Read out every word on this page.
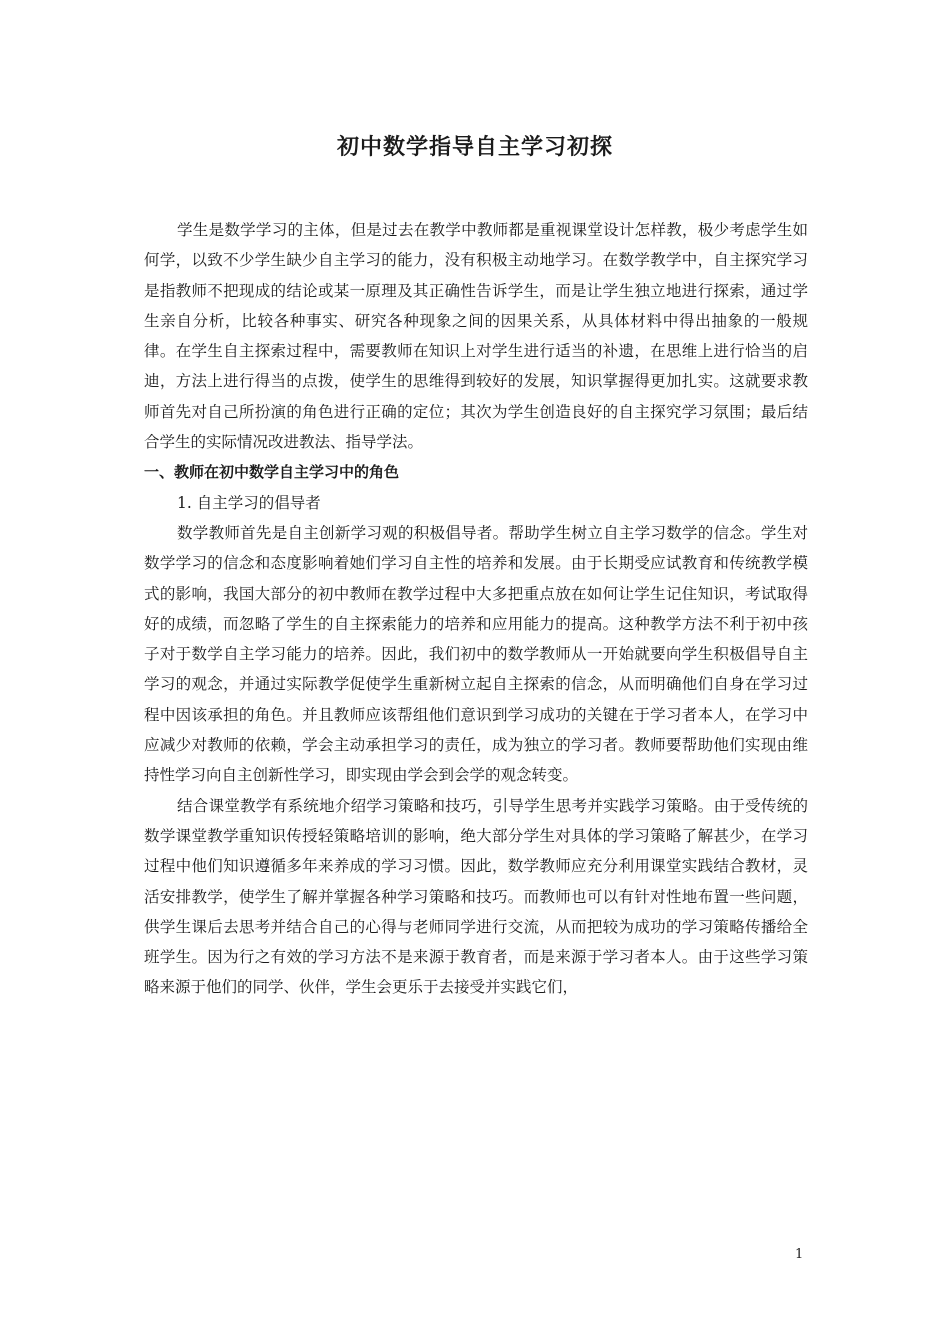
初中数学指导自主学习初探

学生是数学学习的主体，但是过去在教学中教师都是重视课堂设计怎样教，极少考虑学生如何学，以致不少学生缺少自主学习的能力，没有积极主动地学习。在数学教学中，自主探究学习是指教师不把现成的结论或某一原理及其正确性告诉学生，而是让学生独立地进行探索，通过学生亲自分析，比较各种事实、研究各种现象之间的因果关系，从具体材料中得出抽象的一般规律。在学生自主探索过程中，需要教师在知识上对学生进行适当的补遗，在思维上进行恰当的启迪，方法上进行得当的点拨，使学生的思维得到较好的发展，知识掌握得更加扎实。这就要求教师首先对自己所扮演的角色进行正确的定位；其次为学生创造良好的自主探究学习氛围；最后结合学生的实际情况改进教法、指导学法。

一、教师在初中数学自主学习中的角色

1. 自主学习的倡导者

数学教师首先是自主创新学习观的积极倡导者。帮助学生树立自主学习数学的信念。学生对数学学习的信念和态度影响着她们学习自主性的培养和发展。由于长期受应试教育和传统教学模式的影响，我国大部分的初中教师在教学过程中大多把重点放在如何让学生记住知识，考试取得好的成绩，而忽略了学生的自主探索能力的培养和应用能力的提高。这种教学方法不利于初中孩子对于数学自主学习能力的培养。因此，我们初中的数学教师从一开始就要向学生积极倡导自主学习的观念，并通过实际教学促使学生重新树立起自主探索的信念，从而明确他们自身在学习过程中因该承担的角色。并且教师应该帮组他们意识到学习成功的关键在于学习者本人，在学习中应减少对教师的依赖，学会主动承担学习的责任，成为独立的学习者。教师要帮助他们实现由维持性学习向自主创新性学习，即实现由学会到会学的观念转变。

结合课堂教学有系统地介绍学习策略和技巧，引导学生思考并实践学习策略。由于受传统的数学课堂教学重知识传授轻策略培训的影响，绝大部分学生对具体的学习策略了解甚少，在学习过程中他们知识遵循多年来养成的学习习惯。因此，数学教师应充分利用课堂实践结合教材，灵活安排教学，使学生了解并掌握各种学习策略和技巧。而教师也可以有针对性地布置一些问题，供学生课后去思考并结合自己的心得与老师同学进行交流，从而把较为成功的学习策略传播给全班学生。因为行之有效的学习方法不是来源于教育者，而是来源于学习者本人。由于这些学习策略来源于他们的同学、伙伴，学生会更乐于去接受并实践它们，

1
